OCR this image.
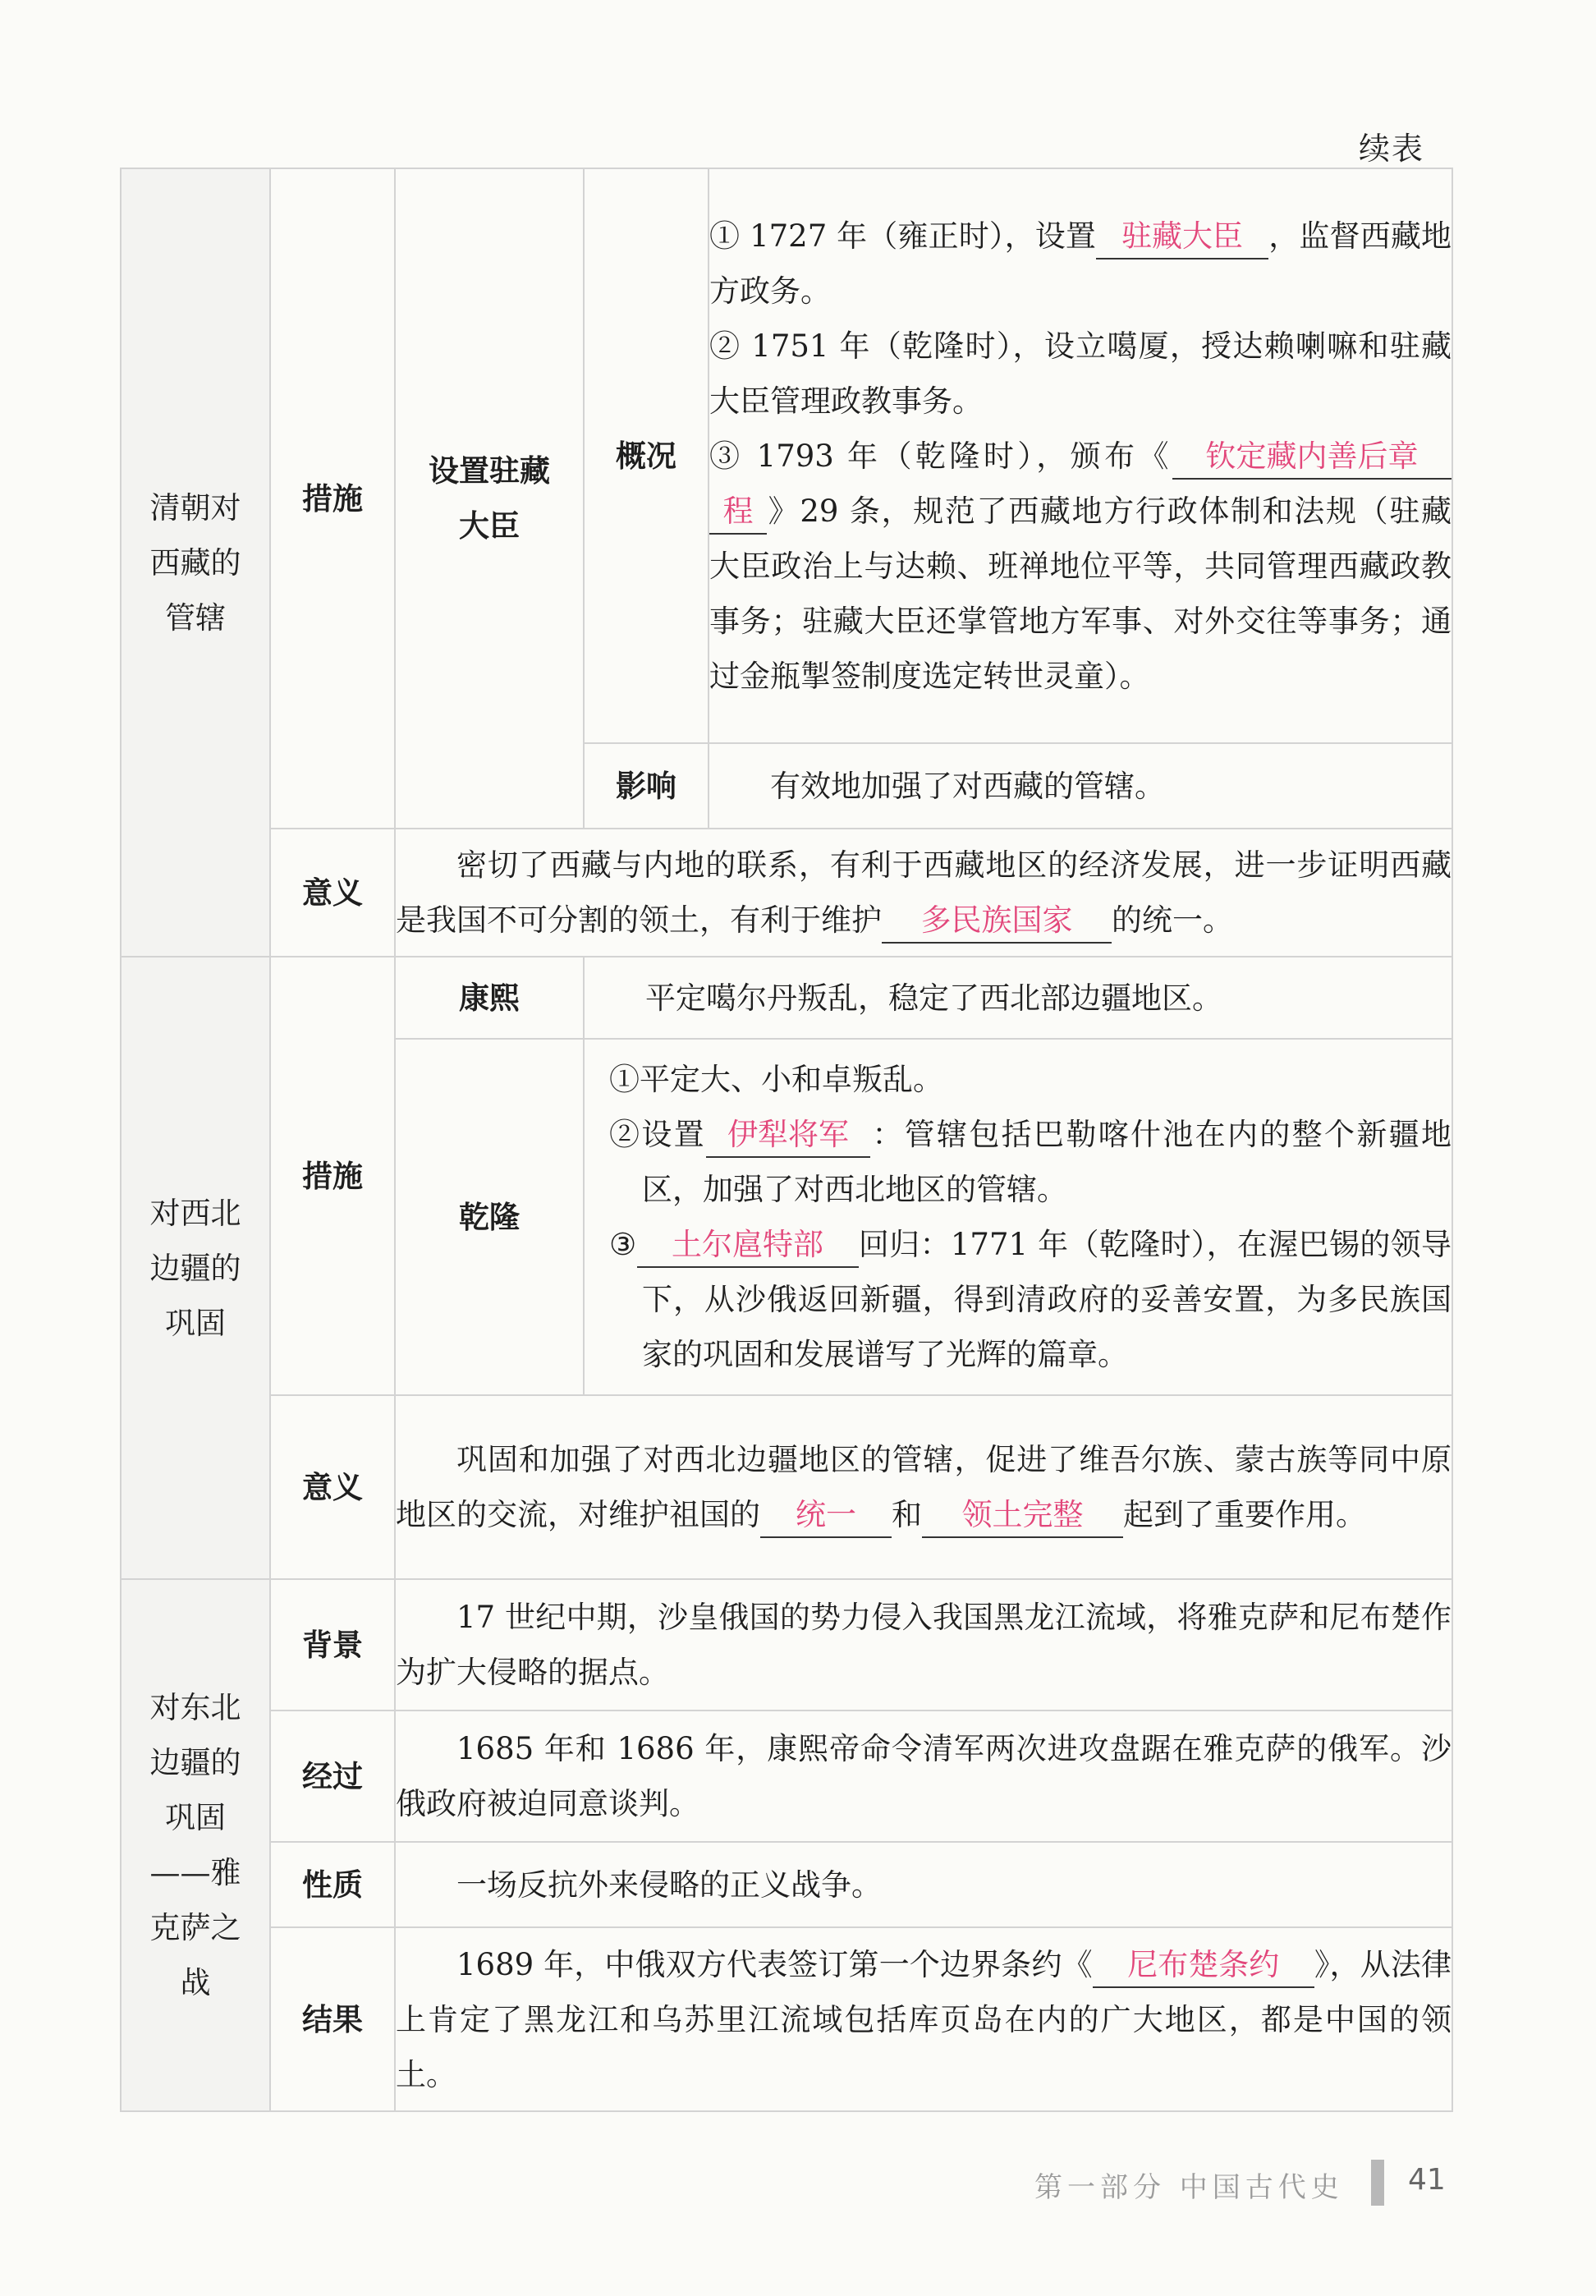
续表
清朝对西藏的管辖	措施	设置驻藏大臣	概况	① 1727 年（雍正时），设置 驻藏大臣 ，监督西藏地方政务。
② 1751 年（乾隆时），设立噶厦，授达赖喇嘛和驻藏大臣管理政教事务。
③ 1793 年（乾隆时），颁布《 钦定藏内善后章程 》29 条，规范了西藏地方行政体制和法规（驻藏大臣政治上与达赖、班禅地位平等，共同管理西藏政教事务；驻藏大臣还掌管地方军事、对外交往等事务；通过金瓶掣签制度选定转世灵童）。

			影响	有效地加强了对西藏的管辖。
	意义	密切了西藏与内地的联系，有利于西藏地区的经济发展，进一步证明西藏是我国不可分割的领土，有利于维护 多民族国家 的统一。		

对西北边疆的巩固	措施	康熙	平定噶尔丹叛乱，稳定了西北部边疆地区。	
		乾隆	①平定大、小和卓叛乱。
②设置 伊犁将军 ：管辖包括巴勒喀什池在内的整个新疆地区，加强了对西北地区的管辖。
③ 土尔扈特部 回归：1771 年（乾隆时），在渥巴锡的领导下，从沙俄返回新疆，得到清政府的妥善安置，为多民族国家的巩固和发展谱写了光辉的篇章。	

	意义	巩固和加强了对西北边疆地区的管辖，促进了维吾尔族、蒙古族等同中原地区的交流，对维护祖国的 统一 和 领土完整 起到了重要作用。		

对东北边疆的巩固——雅克萨之战	背景	17 世纪中期，沙皇俄国的势力侵入我国黑龙江流域，将雅克萨和尼布楚作为扩大侵略的据点。		
	经过	1685 年和 1686 年，康熙帝命令清军两次进攻盘踞在雅克萨的俄军。沙俄政府被迫同意谈判。		
	性质	一场反抗外来侵略的正义战争。		
	结果	1689 年，中俄双方代表签订第一个边界条约《 尼布楚条约 》，从法律上肯定了黑龙江和乌苏里江流域包括库页岛在内的广大地区，都是中国的领土。		
第一部分 中国古代史 41
